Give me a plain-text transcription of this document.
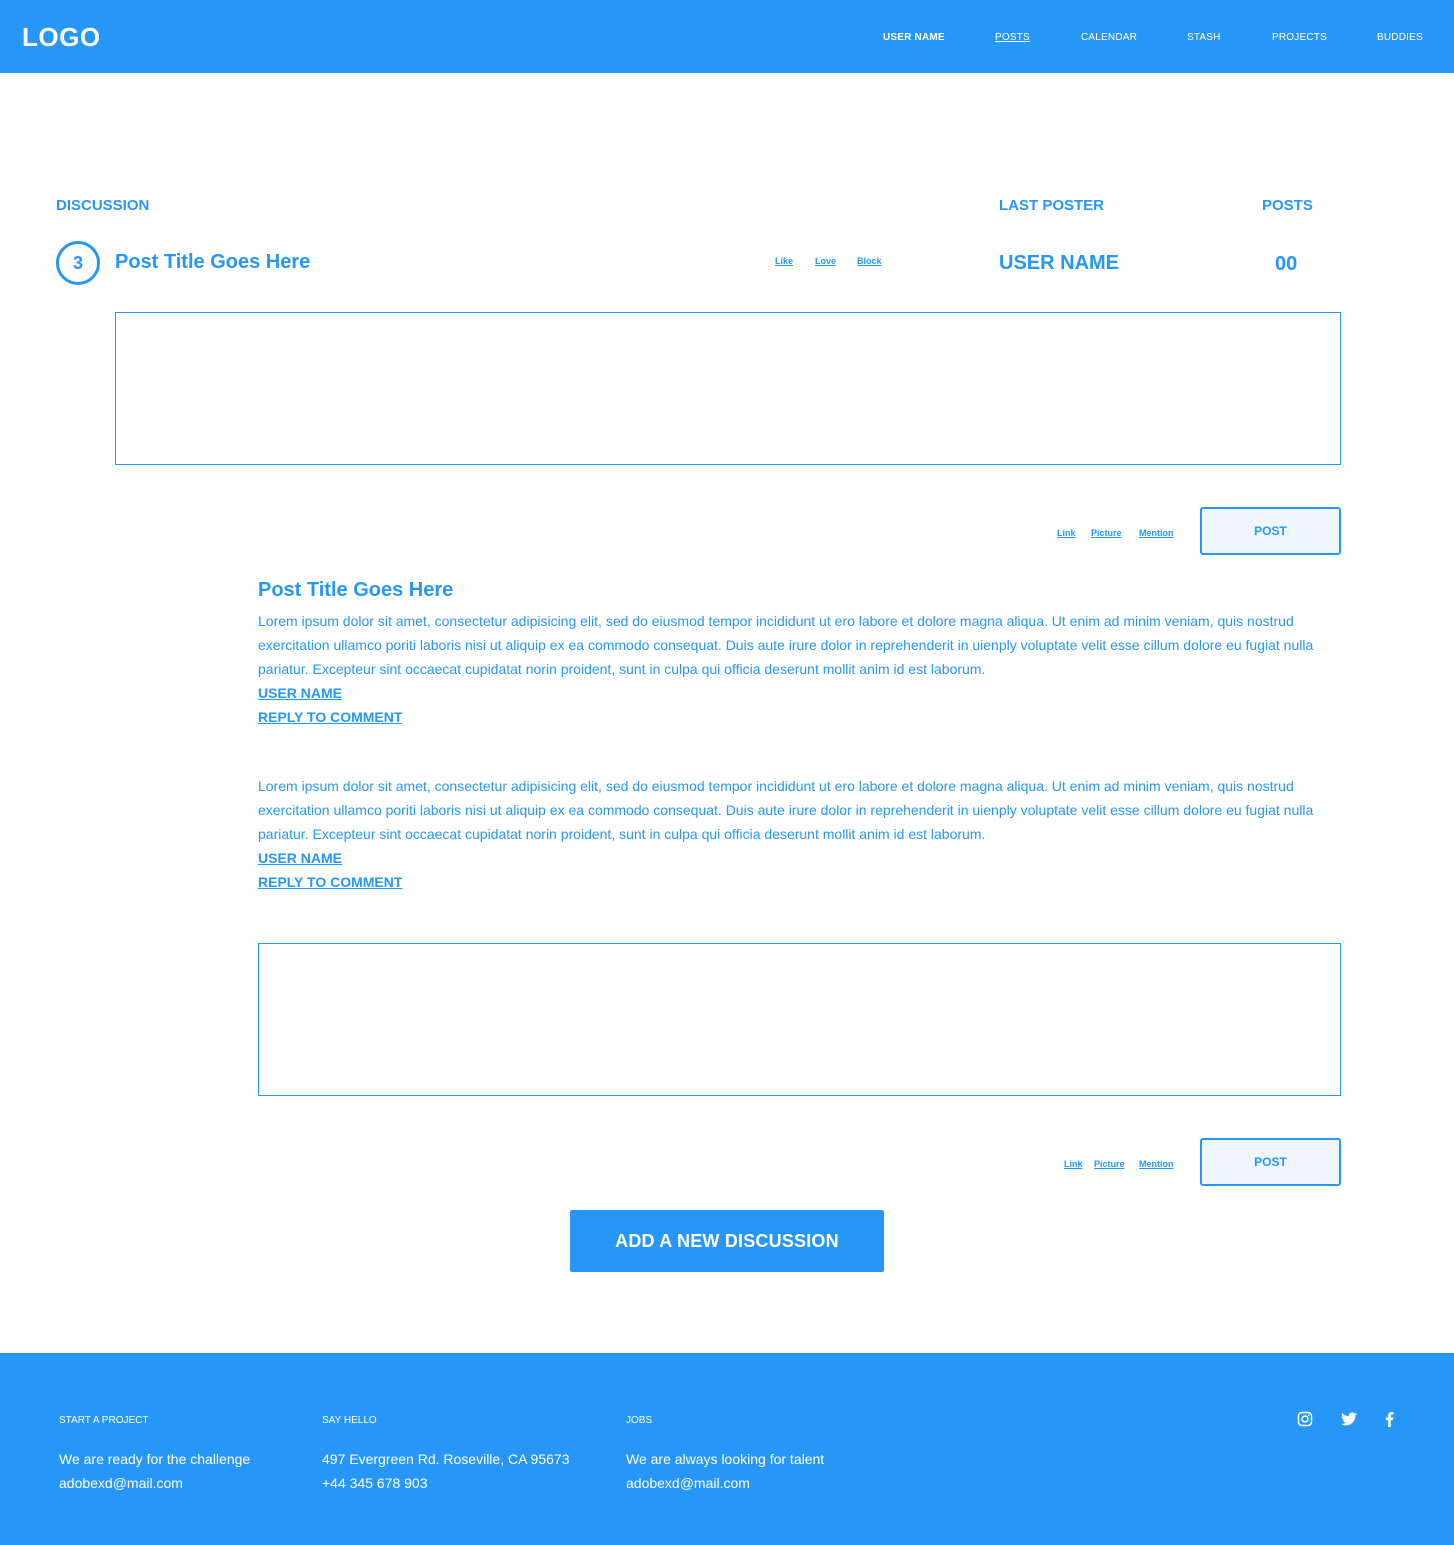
LOGO	USER NAME	POSTS	CALENDAR	STASH	PROJECTS	BUDDIES
DISCUSSION	LAST POSTER	POSTS
3	Post Title Goes Here	Like Love Block	USER NAME	00
Link Picture Mention	POST
Post Title Goes Here
Lorem ipsum dolor sit amet, consectetur adipisicing elit, sed do eiusmod tempor incididunt ut ero labore et dolore magna aliqua. Ut enim ad minim veniam, quis nostrud exercitation ullamco poriti laboris nisi ut aliquip ex ea commodo consequat. Duis aute irure dolor in reprehenderit in uienply voluptate velit esse cillum dolore eu fugiat nulla pariatur. Excepteur sint occaecat cupidatat norin proident, sunt in culpa qui officia deserunt mollit anim id est laborum.
USER NAME
REPLY TO COMMENT
Lorem ipsum dolor sit amet, consectetur adipisicing elit, sed do eiusmod tempor incididunt ut ero labore et dolore magna aliqua. Ut enim ad minim veniam, quis nostrud exercitation ullamco poriti laboris nisi ut aliquip ex ea commodo consequat. Duis aute irure dolor in reprehenderit in uienply voluptate velit esse cillum dolore eu fugiat nulla pariatur. Excepteur sint occaecat cupidatat norin proident, sunt in culpa qui officia deserunt mollit anim id est laborum.
USER NAME
REPLY TO COMMENT
Link Picture Mention	POST
ADD A NEW DISCUSSION
START A PROJECT
We are ready for the challenge
adobexd@mail.com
SAY HELLO
497 Evergreen Rd. Roseville, CA 95673
+44 345 678 903
JOBS
We are always looking for talent
adobexd@mail.com
